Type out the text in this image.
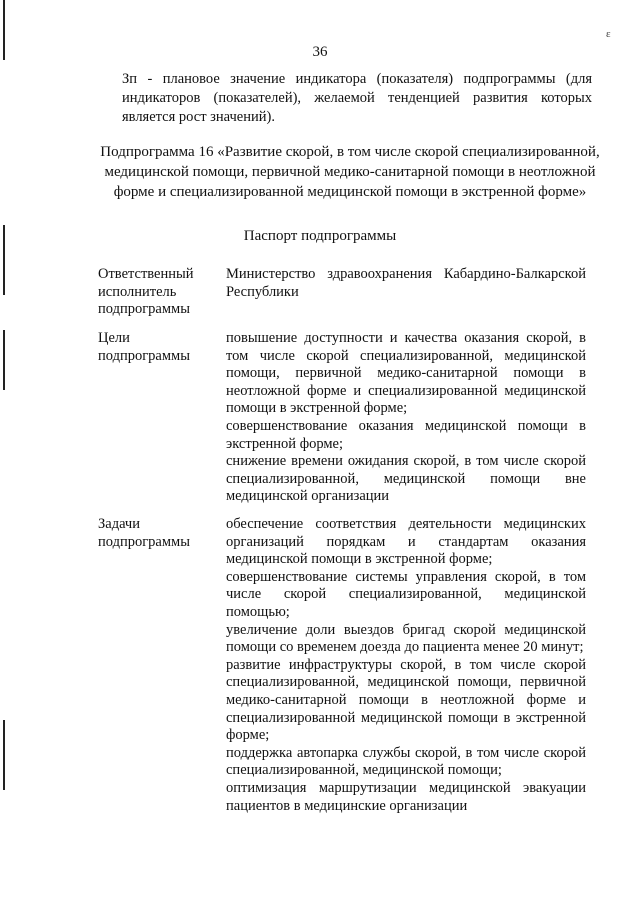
ε
36
Зп - плановое значение индикатора (показателя) подпрограммы (для индикаторов (показателей), желаемой тенденцией развития которых является рост значений).
Подпрограмма 16 «Развитие скорой, в том числе скорой специализированной, медицинской помощи, первичной медико-санитарной помощи в неотложной форме и специализированной медицинской помощи в экстренной форме»
Паспорт подпрограммы
Ответственный исполнитель подпрограммы

Министерство здравоохранения Кабардино-Балкарской Республики

Цели подпрограммы

повышение доступности и качества оказания скорой, в том числе скорой специализированной, медицинской помощи, первичной медико-санитарной помощи в неотложной форме и специализированной медицинской помощи в экстренной форме;

совершенствование оказания медицинской помощи в экстренной форме;

снижение времени ожидания скорой, в том числе скорой специализированной, медицинской помощи вне медицинской организации

Задачи подпрограммы

обеспечение соответствия деятельности медицинских организаций порядкам и стандартам оказания медицинской помощи в экстренной форме;

совершенствование системы управления скорой, в том числе скорой специализированной, медицинской помощью;

увеличение доли выездов бригад скорой медицинской помощи со временем доезда до пациента менее 20 минут;

развитие инфраструктуры скорой, в том числе скорой специализированной, медицинской помощи, первичной медико-санитарной помощи в неотложной форме и специализированной медицинской помощи в экстренной форме;

поддержка автопарка службы скорой, в том числе скорой специализированной, медицинской помощи;

оптимизация маршрутизации медицинской эвакуации пациентов в медицинские организации
